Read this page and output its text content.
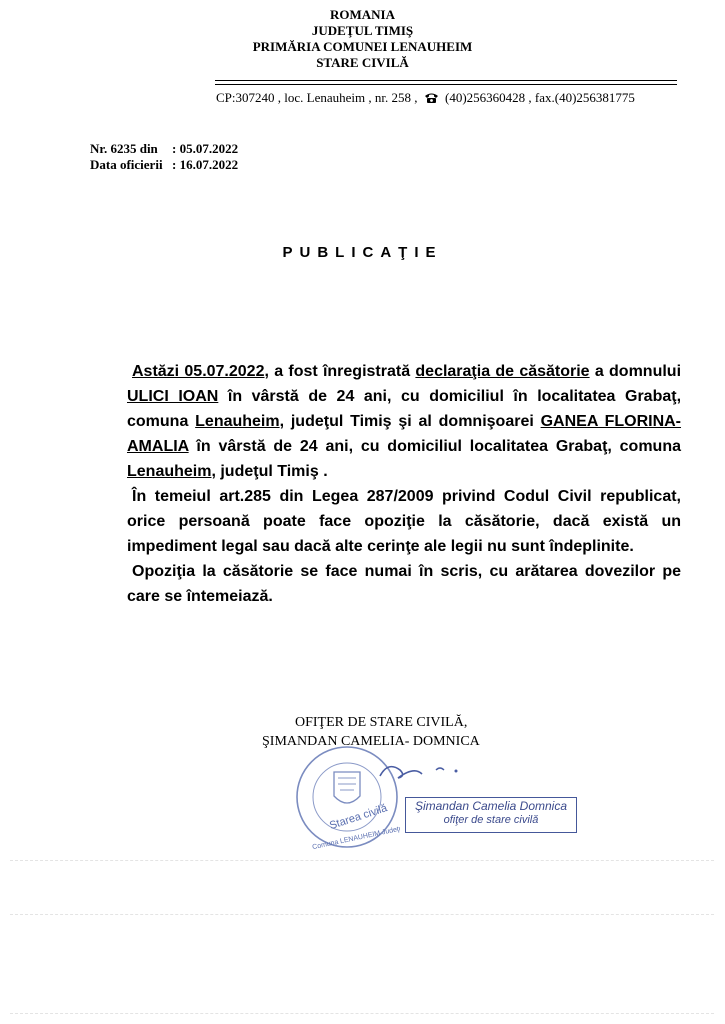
ROMANIA
JUDEŢUL TIMIŞ
PRIMĂRIA COMUNEI LENAUHEIM
STARE CIVILĂ
CP:307240 , loc. Lenauheim , nr. 258 , (40)256360428 , fax.(40)256381775
Nr. 6235 din : 05.07.2022
Data oficierii : 16.07.2022
PUBLICAŢIE

Astăzi 05.07.2022, a fost înregistrată declaraţia de căsătorie a domnului ULICI IOAN în vârstă de 24 ani, cu domiciliul în localitatea Grabaţ, comuna Lenauheim, judeţul Timiş şi al domnişoarei GANEA FLORINA- AMALIA în vârstă de 24 ani, cu domiciliul localitatea Grabaţ, comuna Lenauheim, judeţul Timiş .

În temeiul art.285 din Legea 287/2009 privind Codul Civil republicat, orice persoană poate face opoziţie la căsătorie, dacă există un impediment legal sau dacă alte cerinţe ale legii nu sunt îndeplinite.

Opoziţia la căsătorie se face numai în scris, cu arătarea dovezilor pe care se întemeiază.

OFIŢER DE STARE CIVILĂ,
ŞIMANDAN CAMELIA- DOMNICA
Starea civilă
Comuna LENAUHEIM Judeţul
Şimandan Camelia Domnica
ofiţer de stare civilă
